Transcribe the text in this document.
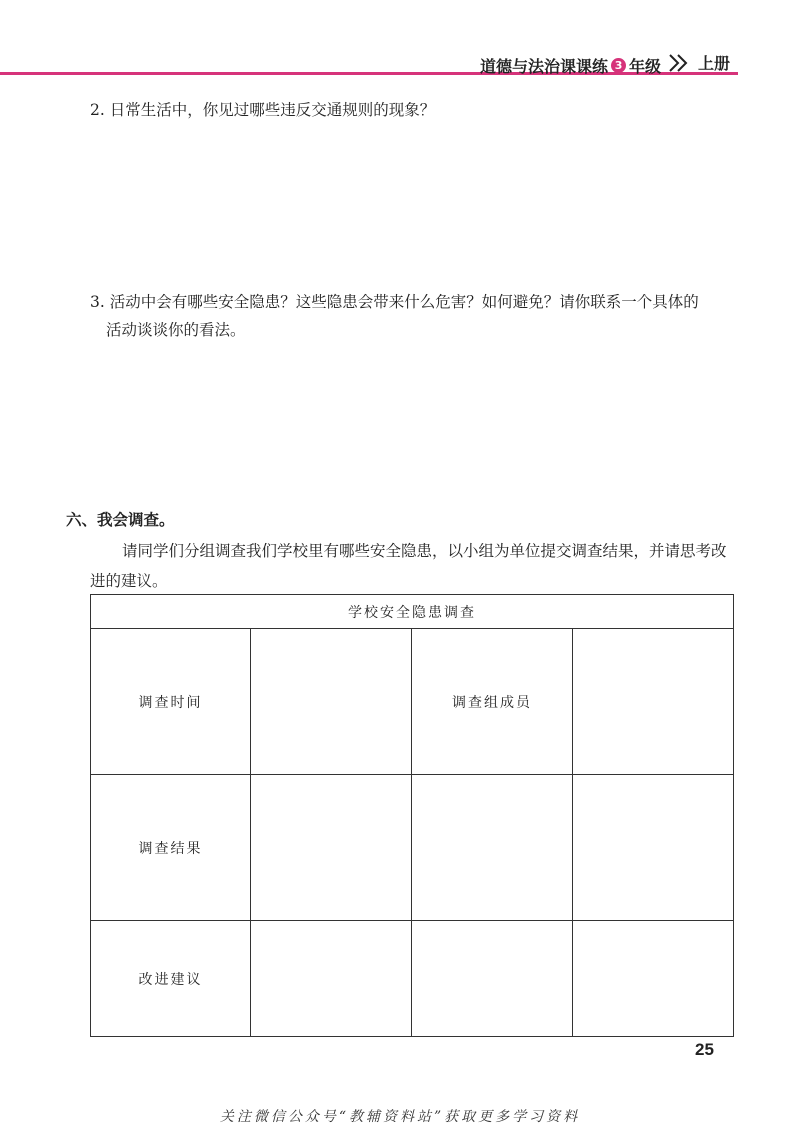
道德与法治课课练 3 年级	上册
2. 日常生活中，你见过哪些违反交通规则的现象？
3. 活动中会有哪些安全隐患？这些隐患会带来什么危害？如何避免？请你联系一个具体的
活动谈谈你的看法。
六、我会调查。
请同学们分组调查我们学校里有哪些安全隐患，以小组为单位提交调查结果，并请思考改进的建议。
学校安全隐患调查			
调查时间		调查组成员	
调查结果			
改进建议			
25
关注微信公众号“教辅资料站”获取更多学习资料
